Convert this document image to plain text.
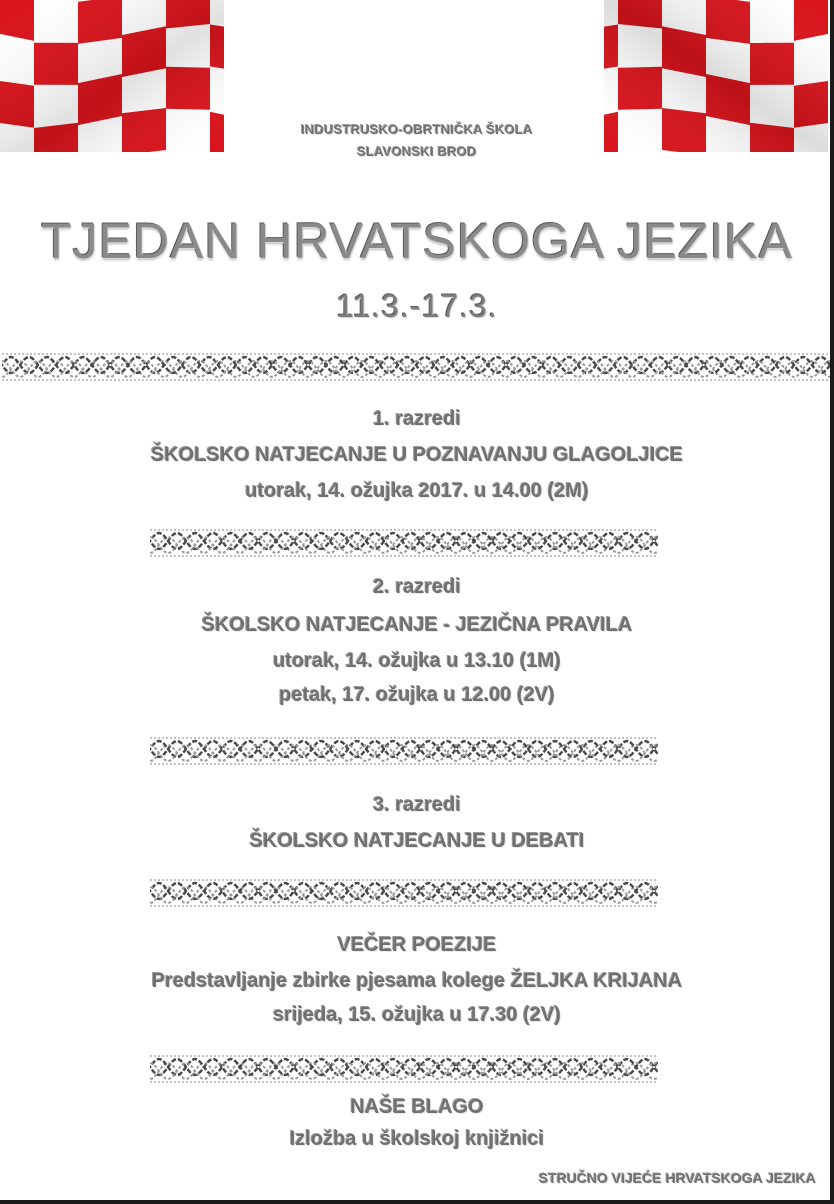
INDUSTRUSKO-OBRTNIČKA ŠKOLA
SLAVONSKI BROD
TJEDAN HRVATSKOGA JEZIKA
11.3.-17.3.
1. razredi
ŠKOLSKO NATJECANJE U POZNAVANJU GLAGOLJICE
utorak, 14. ožujka 2017. u 14.00 (2M)
2. razredi
ŠKOLSKO NATJECANJE - JEZIČNA PRAVILA
utorak, 14. ožujka u 13.10 (1M)
petak, 17. ožujka u 12.00 (2V)
3. razredi
ŠKOLSKO NATJECANJE U DEBATI
VEČER POEZIJE
Predstavljanje zbirke pjesama kolege ŽELJKA KRIJANA
srijeda, 15. ožujka u 17.30 (2V)
NAŠE BLAGO
Izložba u školskoj knjižnici
STRUČNO VIJEĆE HRVATSKOGA JEZIKA
